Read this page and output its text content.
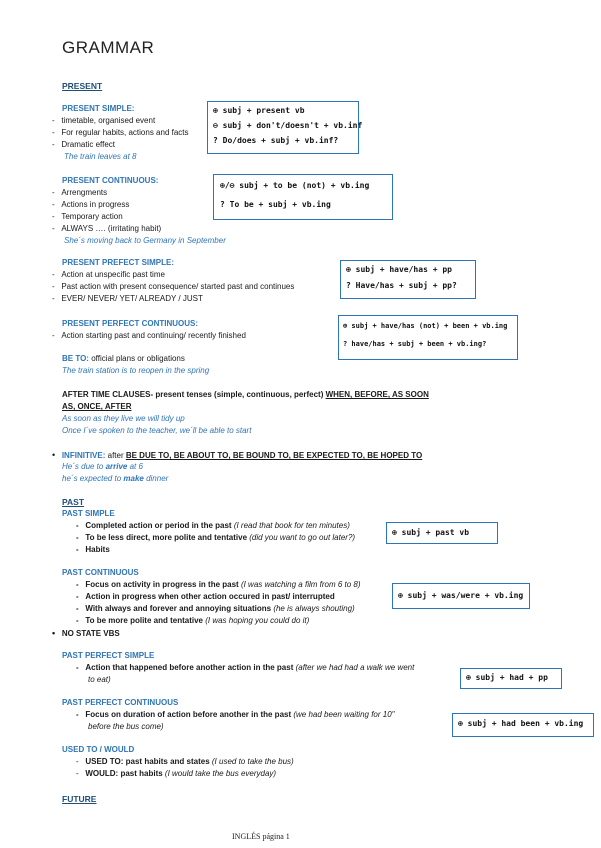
GRAMMAR
PRESENT
PRESENT SIMPLE:
-   timetable, organised event
-   For regular habits, actions and facts
-   Dramatic effect
The train leaves at 8
⊕ subj + present vb
⊖ subj + don't/doesn't + vb.inf
? Do/does + subj + vb.inf?
PRESENT CONTINUOUS:
-   Arrengments
-   Actions in progress
-   Temporary action
-   ALWAYS …. (irritating habit)
She´s moving back to Germany in September
⊕/⊖ subj + to be (not) + vb.ing
? To be + subj + vb.ing
PRESENT PREFECT SIMPLE:
-   Action at unspecific past time
-   Past action with present consequence/ started past and continues
-   EVER/ NEVER/ YET/ ALREADY / JUST
⊕ subj + have/has + pp
? Have/has + subj + pp?
PRESENT PERFECT CONTINUOUS:
-   Action starting past and continuing/ recently finished
⊕ subj + have/has (not) + been + vb.ing
? have/has + subj + been + vb.ing?
BE TO: official plans or obligations
The train station is to reopen in the spring
AFTER TIME CLAUSES- present tenses (simple, continuous, perfect) WHEN, BEFORE, AS SOON
AS, ONCE, AFTER
As soon as they live we will tidy up
Once I´ve spoken to the teacher, we´ll be able to start
• INFINITIVE: after BE DUE TO, BE ABOUT TO, BE BOUND TO, BE EXPECTED TO, BE HOPED TO
He´s due to arrive at 6
he´s expected to make dinner
PAST
PAST SIMPLE
-   Completed action or period in the past (I read that book for ten minutes)
-   To be less direct, more polite and tentative (did you want to go out later?)
-   Habits
⊕ subj + past vb
PAST CONTINUOUS
-   Focus on activity in progress in the past (I was watching a film from 6 to 8)
-   Action in progress when other action occured in past/ interrupted
-   With always and forever and annoying situations (he is always shouting)
-   To be more polite and tentative (I was hoping you could do it)
⊕ subj + was/were + vb.ing
• NO STATE VBS
PAST PERFECT SIMPLE
-   Action that happened before another action in the past (after we had had a walk we went
to eat)	⊕ subj + had + pp
PAST PERFECT CONTINUOUS
-   Focus on duration of action before another in the past (we had been waiting for 10"
before the bus come)	⊕ subj + had been + vb.ing
USED TO / WOULD
-   USED TO: past habits and states (I used to take the bus)
-   WOULD: past habits (I would take the bus everyday)
FUTURE
INGLÉS página 1
